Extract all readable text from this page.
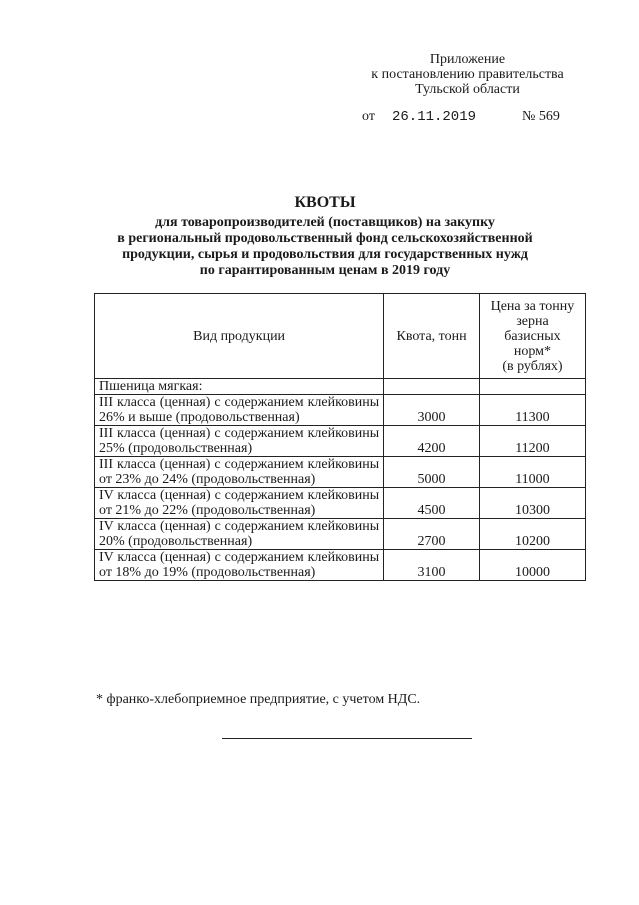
Приложение
к постановлению правительства
Тульской области
от 26.11.2019	№ 569
КВОТЫ
для товаропроизводителей (поставщиков) на закупку
в региональный продовольственный фонд сельскохозяйственной
продукции, сырья и продовольствия для государственных нужд
по гарантированным ценам в 2019 году
Вид продукции	Квота, тонн	Цена за тонну
зерна
базисных
норм*
(в рублях)

Пшеница мягкая:		
III класса (ценная) с содержанием клейковины 26% и выше (продовольственная)	3000	11300
III класса (ценная) с содержанием клейковины 25% (продовольственная)	4200	11200
III класса (ценная) с содержанием клейковины от 23% до 24% (продовольственная)	5000	11000
IV класса (ценная) с содержанием клейковины от 21% до 22% (продовольственная)	4500	10300
IV класса (ценная) с содержанием клейковины 20% (продовольственная)	2700	10200
IV класса (ценная) с содержанием клейковины от 18% до 19% (продовольственная)	3100	10000
* франко-хлебоприемное предприятие, с учетом НДС.
